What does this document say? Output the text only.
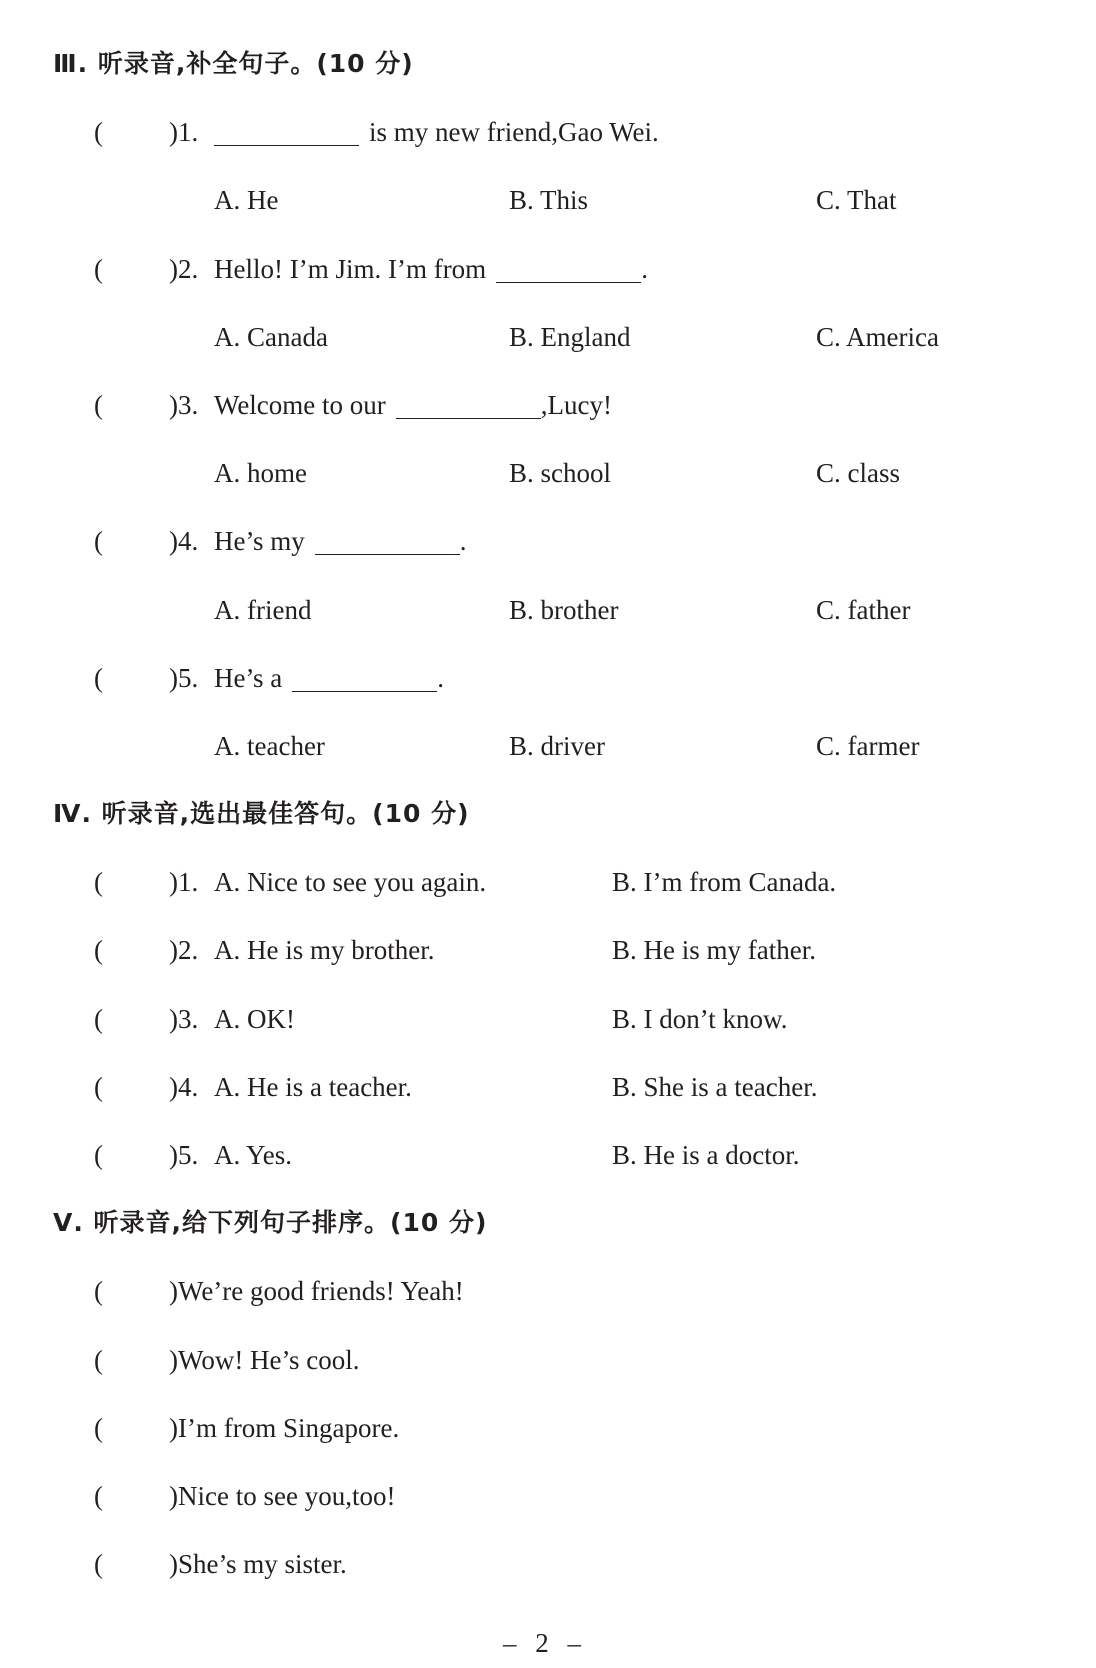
Ⅲ. 听录音,补全句子。(10 分)
( )1.	is my new friend,Gao Wei.
A. He	B. This	C. That
( )2. Hello! I’m Jim. I’m from	.
A. Canada	B. England	C. America
( )3. Welcome to our	,Lucy!
A. home	B. school	C. class
( )4. He’s my	.
A. friend	B. brother	C. father
( )5. He’s a	.
A. teacher	B. driver	C. farmer
Ⅳ. 听录音,选出最佳答句。(10 分)
( )1. A. Nice to see you again.	B. I’m from Canada.
( )2. A. He is my brother.	B. He is my father.
( )3. A. OK!	B. I don’t know.
( )4. A. He is a teacher.	B. She is a teacher.
( )5. A. Yes.	B. He is a doctor.
Ⅴ. 听录音,给下列句子排序。(10 分)
( )We’re good friends! Yeah!
( )Wow! He’s cool.
( )I’m from Singapore.
( )Nice to see you,too!
( )She’s my sister.
– 2 –
